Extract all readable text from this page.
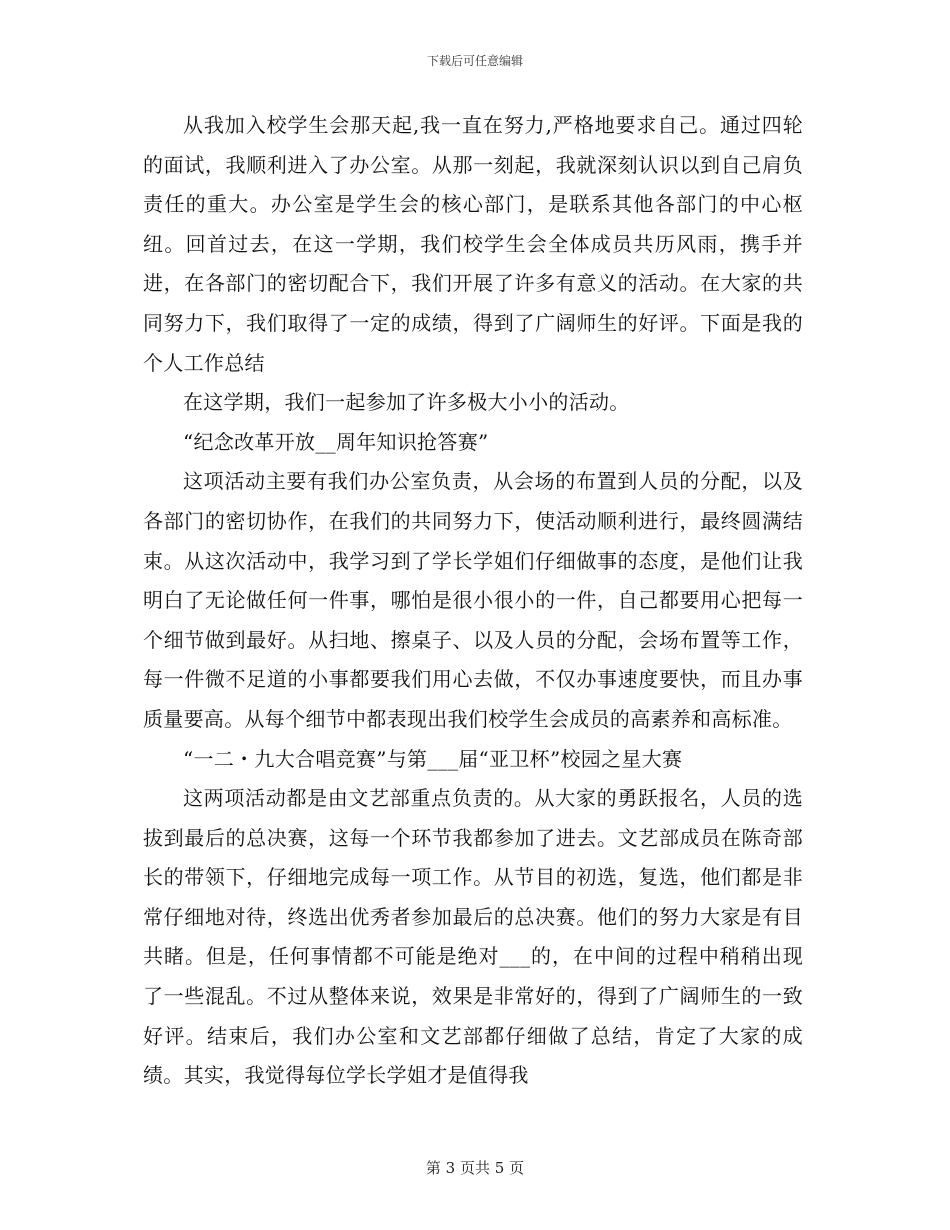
下载后可任意编辑

从我加入校学生会那天起,我一直在努力,严格地要求自己。通过四轮的面试，我顺利进入了办公室。从那一刻起，我就深刻认识以到自己肩负责任的重大。办公室是学生会的核心部门，是联系其他各部门的中心枢纽。回首过去，在这一学期，我们校学生会全体成员共历风雨，携手并进，在各部门的密切配合下，我们开展了许多有意义的活动。在大家的共同努力下，我们取得了一定的成绩，得到了广阔师生的好评。下面是我的个人工作总结

在这学期，我们一起参加了许多极大小小的活动。

“纪念改革开放__周年知识抢答赛”

这项活动主要有我们办公室负责，从会场的布置到人员的分配，以及各部门的密切协作，在我们的共同努力下，使活动顺利进行，最终圆满结束。从这次活动中，我学习到了学长学姐们仔细做事的态度，是他们让我明白了无论做任何一件事，哪怕是很小很小的一件，自己都要用心把每一个细节做到最好。从扫地、擦桌子、以及人员的分配，会场布置等工作，每一件微不足道的小事都要我们用心去做，不仅办事速度要快，而且办事质量要高。从每个细节中都表现出我们校学生会成员的高素养和高标准。

“一二・九大合唱竞赛”与第___届“亚卫杯”校园之星大赛

这两项活动都是由文艺部重点负责的。从大家的勇跃报名，人员的选拔到最后的总决赛，这每一个环节我都参加了进去。文艺部成员在陈奇部长的带领下，仔细地完成每一项工作。从节目的初选，复选，他们都是非常仔细地对待，终选出优秀者参加最后的总决赛。他们的努力大家是有目共睹。但是，任何事情都不可能是绝对___的，在中间的过程中稍稍出现了一些混乱。不过从整体来说，效果是非常好的，得到了广阔师生的一致好评。结束后，我们办公室和文艺部都仔细做了总结，肯定了大家的成绩。其实，我觉得每位学长学姐才是值得我

第 3 页共 5 页
